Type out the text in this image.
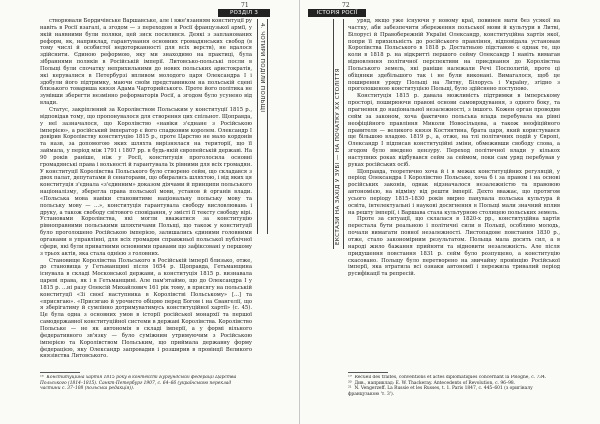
71
РОЗДІЛ 3
4. ЧОТИРИ ПОДІЛИ ПОЛЬЩІ

створювали Бердичівське Варшавське, але і вже'язанням конституції ру навіть в Росії взагалі, а згодом — з переходом в Росії французької армії, у якій наявними були поляки, цей зиск посилився. Деякі з запланованих реформ, як, наприклад, гарантування основних громадянських свобод (в тому числі й особистої недоторканності для всіх верств), не вдалося здійснити. Єдиною реформою, яку ми знаходимо на практиці, була зібраннями поляків в Російській імперії. Литовсько-польські посли в Польщі були спочатку неприхильними до нових польських аристократів, які керувалися в Петербурзі впливом молодого царя Олександра І і здобули його підтримку, маючи своїм представником на польській сцені близького товариша князя Адама Чарторийського. Проте його політика не зумівши зберегти незмінно реформаторів Росії, а згодом було усунено від влади.

Статус, закріплений за Королівством Польським у конституції 1815 р., відповідав тому, що пропонувалося для створення цих спільнот. Щоправда, у неї зазначалося, що Королівство «навіки з'єднане з Російською імперією», а російський імператор є його спадковим королем. Олександр І довірив Королівству конституцію 1815 р., проте Царство не мало кордонів та назв, за допомогою яких шляхта вирізнялася на території, що її займала, у період між 1791 і 1807 рр. в будь-якій європейській державі. На 90 років раніше, ніж у Росії, конституція проголосила основні громадянські права і вольності й гарантувала їх рівними для всіх громадян. У конституції Королівства Польського було створено сейм, що складався з двох палат, депутатами й сенаторами, що обирались шляхтою, і від яких ця конституція з'єднала «з'єдинним» доказом діячами й принципи польського націоналізму, зберегла права польської мови, установ й органів влади. «Польська мова навіки становитиме національну польську мову та польську мову — ...», конституція гарантувала свободу висловлювань і друку, а також свободу світового сповідання, у змісті її тексту свободу вірі. Установами Королівства, які могли вважатися за конституцію рівноправними польськими шляхтичами Польщі, що також у конституції було проголошено Російською імперією, залишались єдиними головними органами в управлінні, для всіх громадян справжньої польської публічної сфери, які були приватними основними правами що зафіксовані у першому з трьох актів, яка стала однією з головних.

Становище Королівства Польського в Російській імперії близько, отже, до становища у Гетьманщині після 1654 р. Щоправда, Гетьманщина існувала в складі Московської держави, а конституція 1815 р. визнавала цареві права, як і в Гетьманщині. Але пам'ятаймо, що до Олександра І у 1815 р. ...ні разу Олексій Михайлович 161 рік тому, в присягу на польській конституції «Зі своєї наступника в Королівстві Польському» [...] та «присягаю». «Присягаю й урочисто обіцяю перед Богом і на Євангелії, що я зберігатиму й сумлінно дотримуватимусь конституційної хартії» (с. 45). Це була одна з основних умов в історії російської монархії та першої самодержавної конституційної системи в державі Королівства. Королівство Польське — не як автономія в складі імперії, а у формі вільного федеративного зв'язку — було суміжним утримуючим з Російською імперією та Королівством Польським, що приймала державну форму федерацією, яку Олександр запровадив і розширив в провінції Великого князівства Литовського.

¹⁸ Конституційна хартія 1815 року в контексті Бургундської федерації Царства Польського (1814–1815). Санкт-Петербург 1907, с. 64–66 (українською переклад частини с. 37–108 (польська редакція)).

72
ІСТОРІЯ РОСІЇ
ЕКСТАЗИ НА ЗАХІД У ЗУБІ — НА ПОЧАТКУ XX СТОЛІТТЯ

уряд, якщо уже існуючи у новому краї, повинен мати без усякої на частку, аби забезпечити збереження польської мови й культури в Литві, Білорусі й Правобережній Україні Олександр, конституційна хартія якої, попри її прихильність до російського правління, відповідала установам Королівства Польського в 1818 р. Достатньою підставою є однак те, що коли в 1818 р. на відкритті першого сейму Олександр І навіть вимагав відновлення політичної перспективи на приєднання до Королівства Польського земель, які раніше належали Речі Посполитій, проте ці обіцянки здебільшого так і не були виконані. Вимагалося, щоб це поширення уряду Польщі на Литву, Білорусь і Україну, згідно з проголошеною конституцією Польщі, було здійснено поступово.

Конституція 1815 р. давала можливість підтримки в імперському просторі, поширюючи правові основи самоврядування, з одного боку, та прагнення до національної незалежності, з іншого. Кожен орган проводив сейм за законом, хоча фактично польська влада перебувала на рівні неофіційного правління Миколи Новосільцева, а також неофіційного правителя — великого князя Костянтина, брата царя, який користувався ще більшою владою. 1819 р., а, отже, на тлі політичних подій у Європі, Олександр І підписав конституційні зміни, обмеживши свободу слова, а згодом було введено цензуру. Переход політичної влади у кількох наступних роках відбувався сейм за сеймом, поки сам уряд перебував у руках російських осіб.

Щоправда, теоретично хоча й і в межах конституційних регуляцій, у період Олександра І Королівство Польське, хоча б і за правом і на основі російських законів, однак відзначалося незалежністю та правовою автономією, на відміну від решти імперії. Дехто вважає, що протягом усього періоду 1815–1830 років мирно панувала польська культура й освіта, інтелектуальні і наукові досягнення в Польщі мали значний вплив на решту імперії, і Варшава стала культурною столицею польських земель.

Проте за ситуації, що склалася в 1820-х рр., конституційна хартія перестала бути реальною і політичні сили в Польщі, особливо молодь, почали вимагати повної незалежності. Листопадове повстання 1830 р., отже, стало закономірним результатом. Польща мала досить сил, а в народі жило бажання прийняти та відновити незалежність. Але після придушення повстання 1831 р. сейм було розпущено, а конституцію скасовано. Польщу було перетворено на звичайну провінцію Російської імперії, яка втратила всі ознаки автономії і пережила тривалий період русифікації та репресій.

¹⁹ Recueil des traités, conventions et actes diplomatiques concernant la Pologne, с. 734.

²⁰ Див., наприклад: E. W. Thackeray. Antecedents of Revolution, с. 96–98.

²¹ N. Vengerzeff. La Russie et les Russes, t. 1. Paris 1847, с. 445–601 (з оригіналу французькою 'т. 3').
